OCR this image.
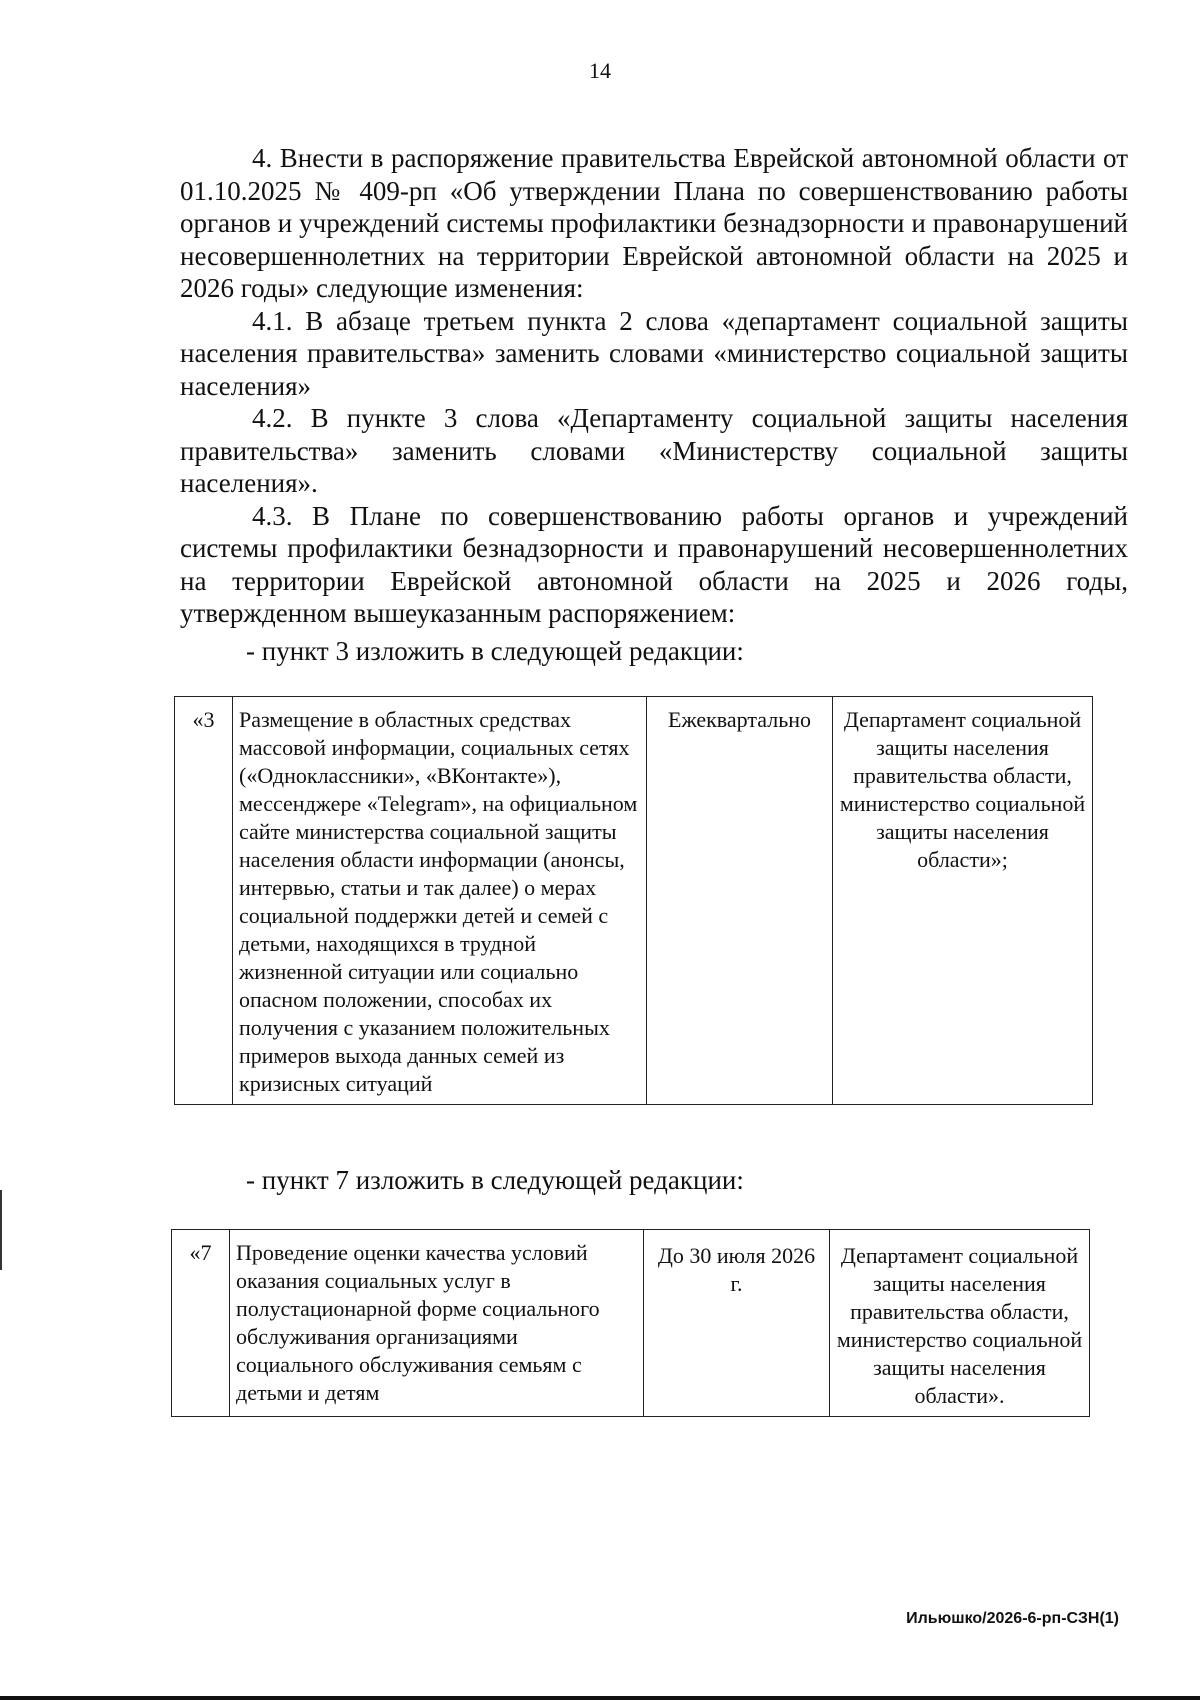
14

4. Внести в распоряжение правительства Еврейской автономной области от 01.10.2025 № 409-рп «Об утверждении Плана по совершенствованию работы органов и учреждений системы профилактики безнадзорности и правонарушений несовершеннолетних на территории Еврейской автономной области на 2025 и 2026 годы» следующие изменения:

4.1. В абзаце третьем пункта 2 слова «департамент социальной защиты населения правительства» заменить словами «министерство социальной защиты населения»

4.2. В пункте 3 слова «Департаменту социальной защиты населения правительства» заменить словами «Министерству социальной защиты населения».

4.3. В Плане по совершенствованию работы органов и учреждений системы профилактики безнадзорности и правонарушений несовершеннолетних на территории Еврейской автономной области на 2025 и 2026 годы, утвержденном вышеуказанным распоряжением:

- пункт 3 изложить в следующей редакции:
«3	Размещение в областных средствах массовой информации, социальных сетях («Одноклассники», «ВКонтакте»), мессенджере «Telegram», на официальном сайте министерства социальной защиты населения области информации (анонсы, интервью, статьи и так далее) о мерах социальной поддержки детей и семей с детьми, находящихся в трудной жизненной ситуации или социально опасном положении, способах их получения с указанием положительных примеров выхода данных семей из кризисных ситуаций	Ежеквартально	Департамент социальной защиты населения правительства области, министерство социальной защиты населения области»;
- пункт 7 изложить в следующей редакции:
«7	Проведение оценки качества условий оказания социальных услуг в полустационарной форме социального обслуживания организациями социального обслуживания семьям с детьми и детям	До 30 июля 2026 г.	Департамент социальной защиты населения правительства области, министерство социальной защиты населения области».
Ильюшко/2026-6-рп-СЗН(1)
